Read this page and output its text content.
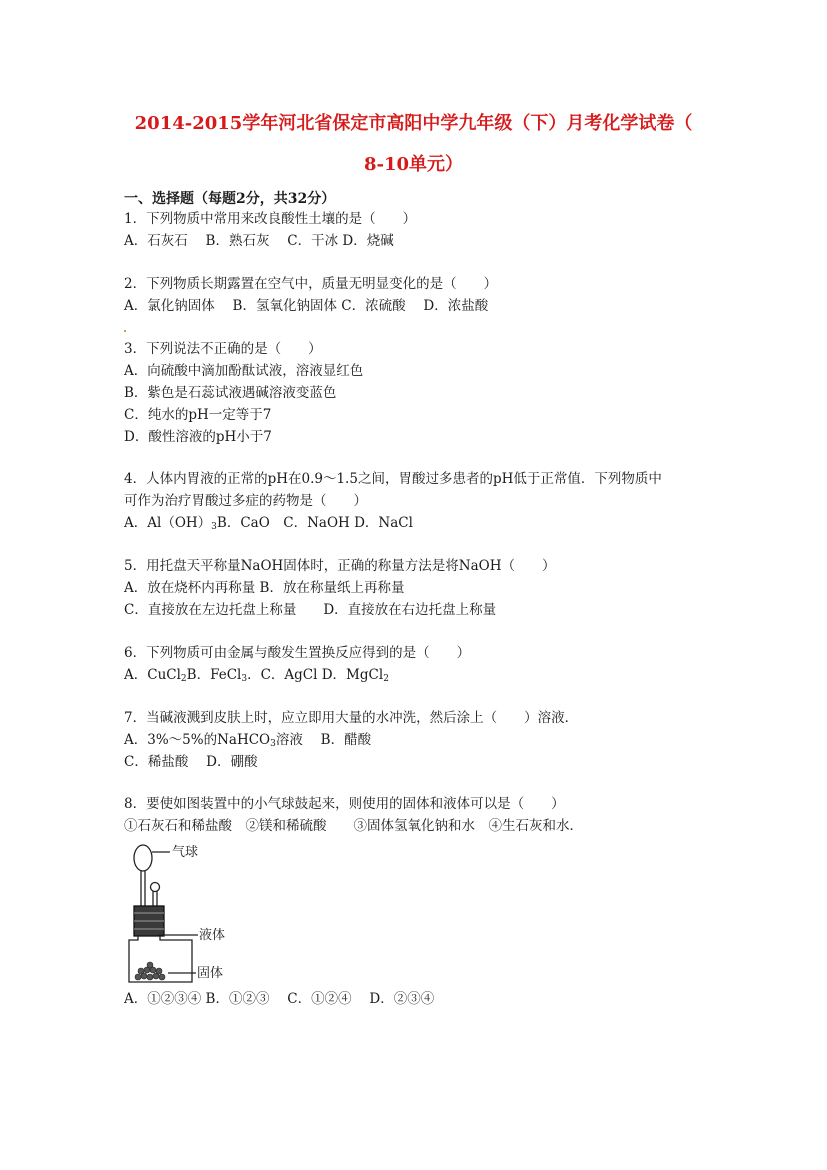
2014-2015学年河北省保定市高阳中学九年级（下）月考化学试卷（
8-10单元）
一、选择题（每题2分，共32分）
1．下列物质中常用来改良酸性土壤的是（　　）
A．石灰石　 B．熟石灰　 C．干冰 D．烧碱
2．下列物质长期露置在空气中，质量无明显变化的是（　　）
A．氯化钠固体　 B．氢氧化钠固体 C．浓硫酸　 D．浓盐酸
3．下列说法不正确的是（　　）
A．向硫酸中滴加酚酞试液，溶液显红色
B．紫色是石蕊试液遇碱溶液变蓝色
C．纯水的pH一定等于7
D．酸性溶液的pH小于7
4．人体内胃液的正常的pH在0.9～1.5之间，胃酸过多患者的pH低于正常值．下列物质中
可作为治疗胃酸过多症的药物是（　　）
A．$Al(OH)_3B$．CaO　C．NaOH D．NaCl
5．用托盘天平称量NaOH固体时，正确的称量方法是将NaOH（　　）
A．放在烧杯内再称量 B．放在称量纸上再称量
C．直接放在左边托盘上称量　　D．直接放在右边托盘上称量
6．下列物质可由金属与酸发生置换反应得到的是（　　）
A．CuCl$_2$B．FeCl$_3$．C．AgCl D．MgCl$_2$
7．当碱液溅到皮肤上时，应立即用大量的水冲洗，然后涂上（　　）溶液．
A．3%～5%的NaHCO$_3$溶液　 B．醋酸
C．稀盐酸　 D．硼酸
8．要使如图装置中的小气球鼓起来，则使用的固体和液体可以是（　　）
①石灰石和稀盐酸　②镁和稀硫酸　　③固体氢氧化钠和水　④生石灰和水．
气球
液体
固体
A．①②③④ B．①②③　 C．①②④　 D．②③④
